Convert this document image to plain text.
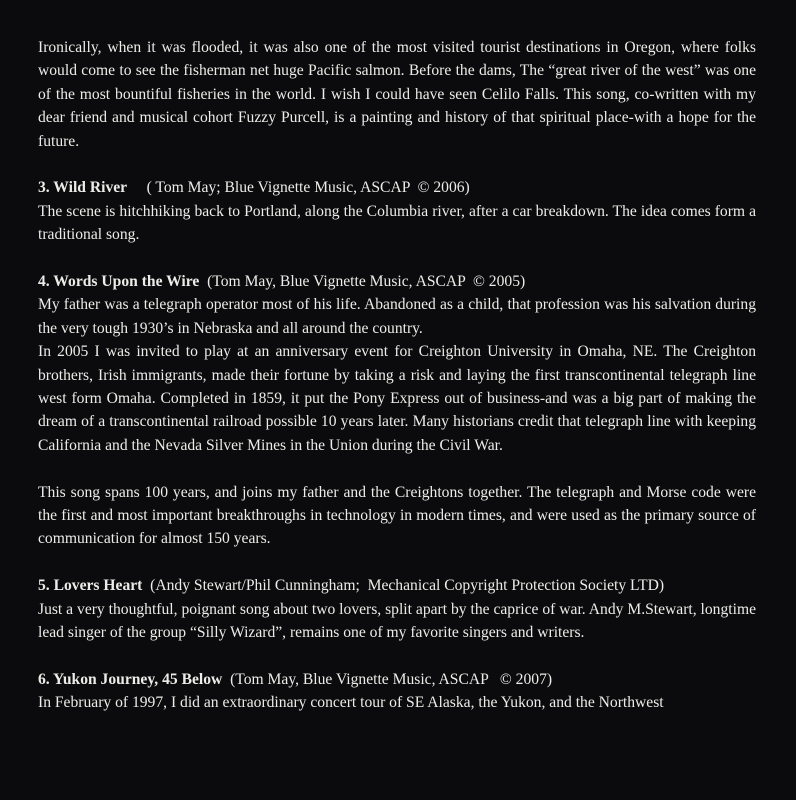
Ironically, when it was flooded, it was also one of the most visited tourist destinations in Oregon, where folks would come to see the fisherman net huge Pacific salmon. Before the dams, The “great river of the west” was one of the most bountiful fisheries in the world. I wish I could have seen Celilo Falls. This song, co-written with my dear friend and musical cohort Fuzzy Purcell, is a painting and history of that spiritual place-with a hope for the future.

3. Wild River     ( Tom May; Blue Vignette Music, ASCAP  © 2006)

The scene is hitchhiking back to Portland, along the Columbia river, after a car breakdown. The idea comes form a traditional song.

4. Words Upon the Wire  (Tom May, Blue Vignette Music, ASCAP  © 2005)

My father was a telegraph operator most of his life. Abandoned as a child, that profession was his salvation during the very tough 1930’s in Nebraska and all around the country.

In 2005 I was invited to play at an anniversary event for Creighton University in Omaha, NE. The Creighton brothers, Irish immigrants, made their fortune by taking a risk and laying the first transcontinental telegraph line west form Omaha. Completed in 1859, it put the Pony Express out of business-and was a big part of making the dream of a transcontinental railroad possible 10 years later. Many historians credit that telegraph line with keeping California and the Nevada Silver Mines in the Union during the Civil War.

This song spans 100 years, and joins my father and the Creightons together. The telegraph and Morse code were the first and most important breakthroughs in technology in modern times, and were used as the primary source of communication for almost 150 years.

5. Lovers Heart  (Andy Stewart/Phil Cunningham;  Mechanical Copyright Protection Society LTD)

Just a very thoughtful, poignant song about two lovers, split apart by the caprice of war. Andy M.Stewart, longtime lead singer of the group “Silly Wizard”, remains one of my favorite singers and writers.

6. Yukon Journey, 45 Below  (Tom May, Blue Vignette Music, ASCAP   © 2007)

In February of 1997, I did an extraordinary concert tour of SE Alaska, the Yukon, and the Northwest
